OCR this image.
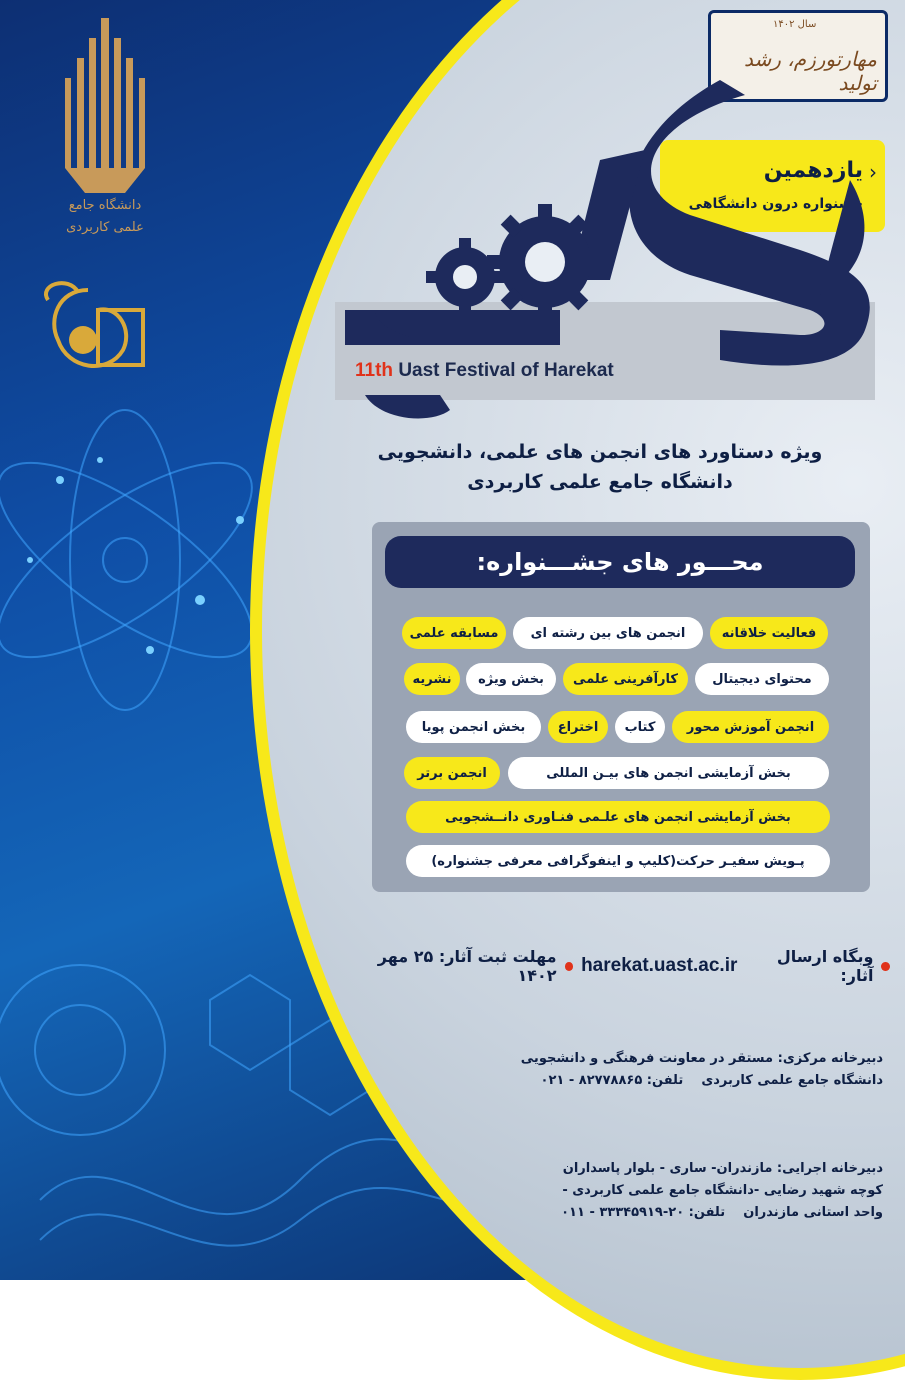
دانشگاه جامع
علمی کاربردی
سال ۱۴۰۲
مهارتورزم، رشد تولید
‹
یازدهمین
جشنواره درون دانشگاهی
11th Uast Festival of Harekat
ویژه دستاورد های انجمن های علمی، دانشجویی
دانشگاه جامع علمی کاربردی
محـــور های جشـــنواره:
فعالیت خلاقانه
انجمن های بین رشته ای
مسابقه علمی
محتوای دیجیتال
کارآفرینی علمی
بخش ویژه
نشریه
انجمن آموزش محور
کتاب
اختراع
بخش انجمن پویا
بخش آزمایشی انجمن های بیـن المللی
انجمن برتر
بخش آزمایشی انجمن های علـمی فنـاوری دانــشجویی
پـویش سفیـر حرکت(کلیپ و اینفوگرافی معرفی جشنواره)
وبگاه ارسال آثار:
harekat.uast.ac.ir
مهلت ثبت آثار: ۲۵ مهر ۱۴۰۲
دبیرخانه مرکزی: مستقر در معاونت فرهنگی و دانشجویی
دانشگاه جامع علمی کاربردی    تلفن: ۸۲۷۷۸۸۶۵ - ۰۲۱
دبیرخانه اجرایی: مازندران- ساری - بلوار پاسداران
کوچه شهید رضایی -دانشگاه جامع علمی کاربردی -
واحد استانی مازندران    تلفن: ۲۰-۳۳۳۴۵۹۱۹ - ۰۱۱
